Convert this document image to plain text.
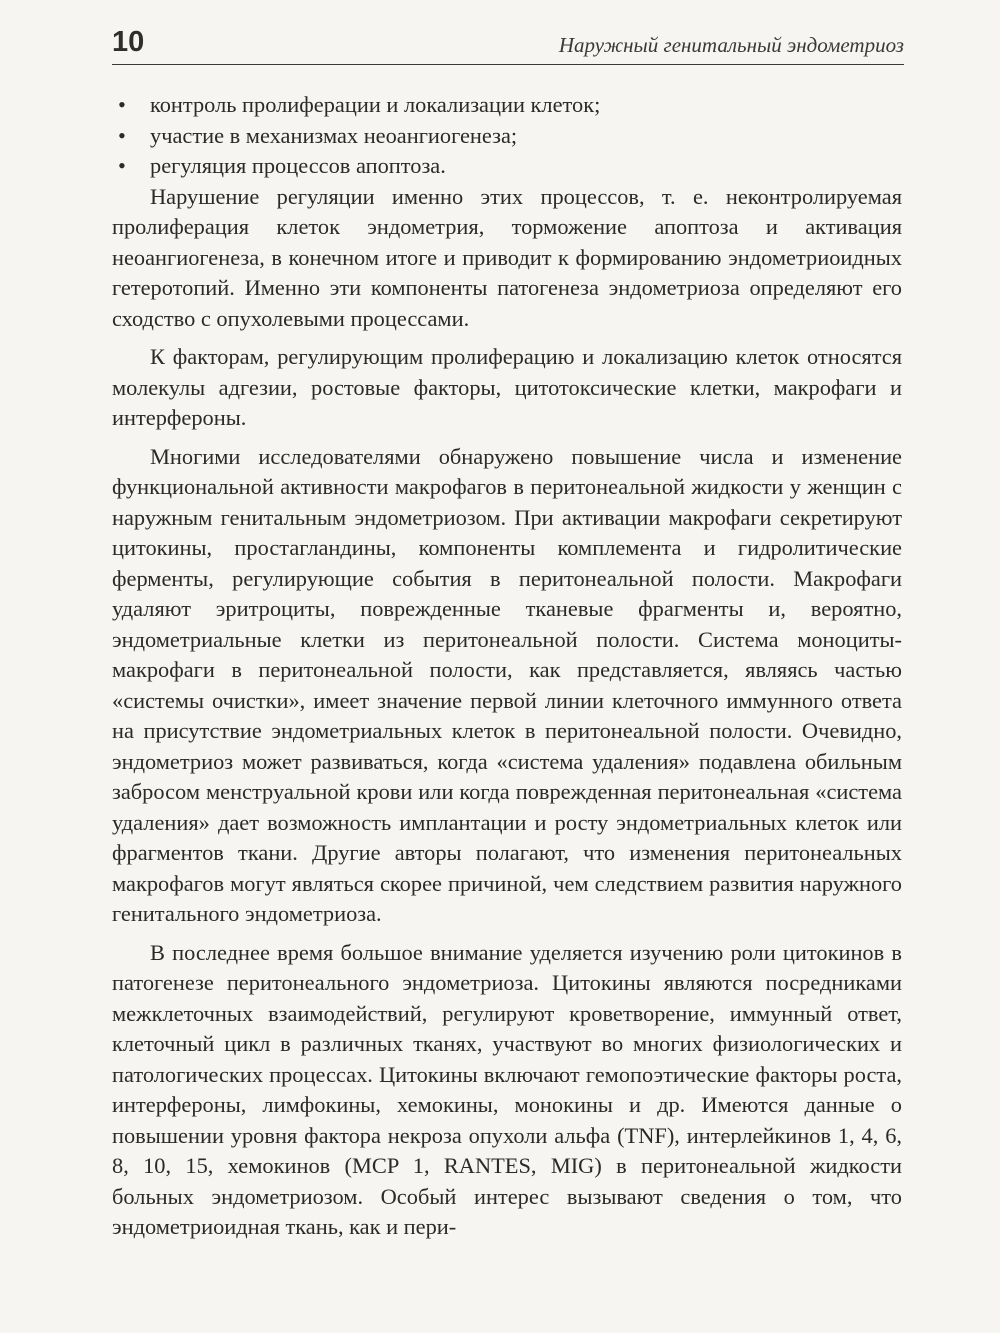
10	Наружный генитальный эндометриоз
• контроль пролиферации и локализации клеток;
• участие в механизмах неоангиогенеза;
• регуляция процессов апоптоза.

Нарушение регуляции именно этих процессов, т. е. неконтролируемая пролиферация клеток эндометрия, торможение апоптоза и активация неоангиогенеза, в конечном итоге и приводит к формированию эндометриоидных гетеротопий. Именно эти компоненты патогенеза эндометриоза определяют его сходство с опухолевыми процессами.

К факторам, регулирующим пролиферацию и локализацию клеток относятся молекулы адгезии, ростовые факторы, цитотоксические клетки, макрофаги и интерфероны.

Многими исследователями обнаружено повышение числа и изменение функциональной активности макрофагов в перитонеальной жидкости у женщин с наружным генитальным эндометриозом. При активации макрофаги секретируют цитокины, простагландины, компоненты комплемента и гидролитические ферменты, регулирующие события в перитонеальной полости. Макрофаги удаляют эритроциты, поврежденные тканевые фрагменты и, вероятно, эндометриальные клетки из перитонеальной полости. Система моноциты-макрофаги в перитонеальной полости, как представляется, являясь частью «системы очистки», имеет значение первой линии клеточного иммунного ответа на присутствие эндометриальных клеток в перитонеальной полости. Очевидно, эндометриоз может развиваться, когда «система удаления» подавлена обильным забросом менструальной крови или когда поврежденная перитонеальная «система удаления» дает возможность имплантации и росту эндометриальных клеток или фрагментов ткани. Другие авторы полагают, что изменения перитонеальных макрофагов могут являться скорее причиной, чем следствием развития наружного генитального эндометриоза.

В последнее время большое внимание уделяется изучению роли цитокинов в патогенезе перитонеального эндометриоза. Цитокины являются посредниками межклеточных взаимодействий, регулируют кроветворение, иммунный ответ, клеточный цикл в различных тканях, участвуют во многих физиологических и патологических процессах. Цитокины включают гемопоэтические факторы роста, интерфероны, лимфокины, хемокины, монокины и др. Имеются данные о повышении уровня фактора некроза опухоли альфа (TNF), интерлейкинов 1, 4, 6, 8, 10, 15, хемокинов (MCP 1, RANTES, MIG) в перитонеальной жидкости больных эндометриозом. Особый интерес вызывают сведения о том, что эндометриоидная ткань, как и пери-
